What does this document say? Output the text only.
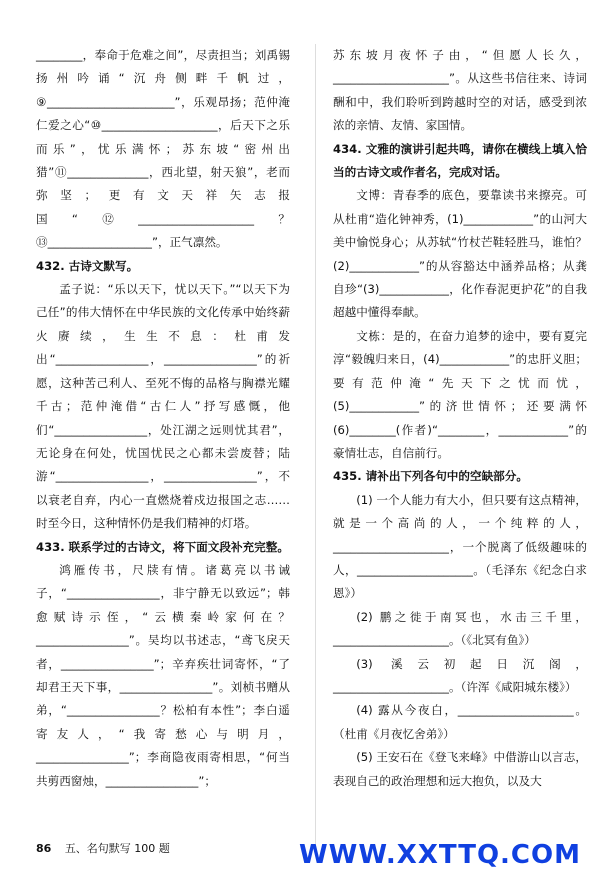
________，奉命于危难之间”，尽责担当；刘禹锡扬州吟诵“沉舟侧畔千帆过，⑨______________________”，乐观昂扬；范仲淹仁爱之心“⑩____________________，后天下之乐而乐”，忧乐满怀；苏东坡“密州出猎”⑪______________，西北望，射天狼”，老而弥坚；更有文天祥矢志报国“⑫____________________？⑬__________________”，正气凛然。

432. 古诗文默写。

孟子说：“乐以天下，忧以天下。”“以天下为己任”的伟大情怀在中华民族的文化传承中始终薪火赓续，生生不息：杜甫发出“________________，________________”的祈愿，这种苦己利人、至死不悔的品格与胸襟光耀千古；范仲淹借“古仁人”抒写感慨，他们“________________，处江湖之远则忧其君”，无论身在何处，忧国忧民之心都未尝废替；陆游“________________，________________”，不以衰老自弃，内心一直燃烧着戍边报国之志……时至今日，这种情怀仍是我们精神的灯塔。

433. 联系学过的古诗文，将下面文段补充完整。

鸿雁传书，尺牍有情。诸葛亮以书诫子，“________________，非宁静无以致远”；韩愈赋诗示侄，“云横秦岭家何在？________________”。吴均以书述志，“鸢飞戾天者，________________”；辛弃疾壮词寄怀，“了却君王天下事，________________”。刘桢书赠从弟，“________________？松柏有本性”；李白遥寄友人，“我寄愁心与明月，________________”；李商隐夜雨寄相思，“何当共剪西窗烛，________________”；

苏东坡月夜怀子由，“但愿人长久，____________________”。从这些书信往来、诗词酬和中，我们聆听到跨越时空的对话，感受到浓浓的亲情、友情、家国情。

434. 文雅的演讲引起共鸣，请你在横线上填入恰当的古诗文或作者名，完成对话。

文博：青春季的底色，要靠读书来擦亮。可从杜甫“造化钟神秀，(1)____________”的山河大美中愉悦身心；从苏轼“竹杖芒鞋轻胜马，谁怕？(2)____________”的从容豁达中涵养品格；从龚自珍“(3)____________，化作春泥更护花”的自我超越中懂得奉献。

文栋：是的，在奋力追梦的途中，要有夏完淳“毅魄归来日，(4)____________”的忠肝义胆；要有范仲淹“先天下之忧而忧，(5)____________”的济世情怀；还要满怀(6)________(作者)“________，____________”的豪情壮志，自信前行。

435. 请补出下列各句中的空缺部分。

(1) 一个人能力有大小，但只要有这点精神，就是一个高尚的人，一个纯粹的人，____________________，一个脱离了低级趣味的人，____________________。（毛泽东《纪念白求恩》）

(2) 鹏之徙于南冥也，水击三千里，____________________。（《北冥有鱼》）

(3) 溪云初起日沉阁，____________________。（许浑《咸阳城东楼》）

(4) 露从今夜白，____________________。（杜甫《月夜忆舍弟》）

(5) 王安石在《登飞来峰》中借游山以言志，表现自己的政治理想和远大抱负，以及大

86 五、名句默写 100 题	WWW.XXTTQ.COM
